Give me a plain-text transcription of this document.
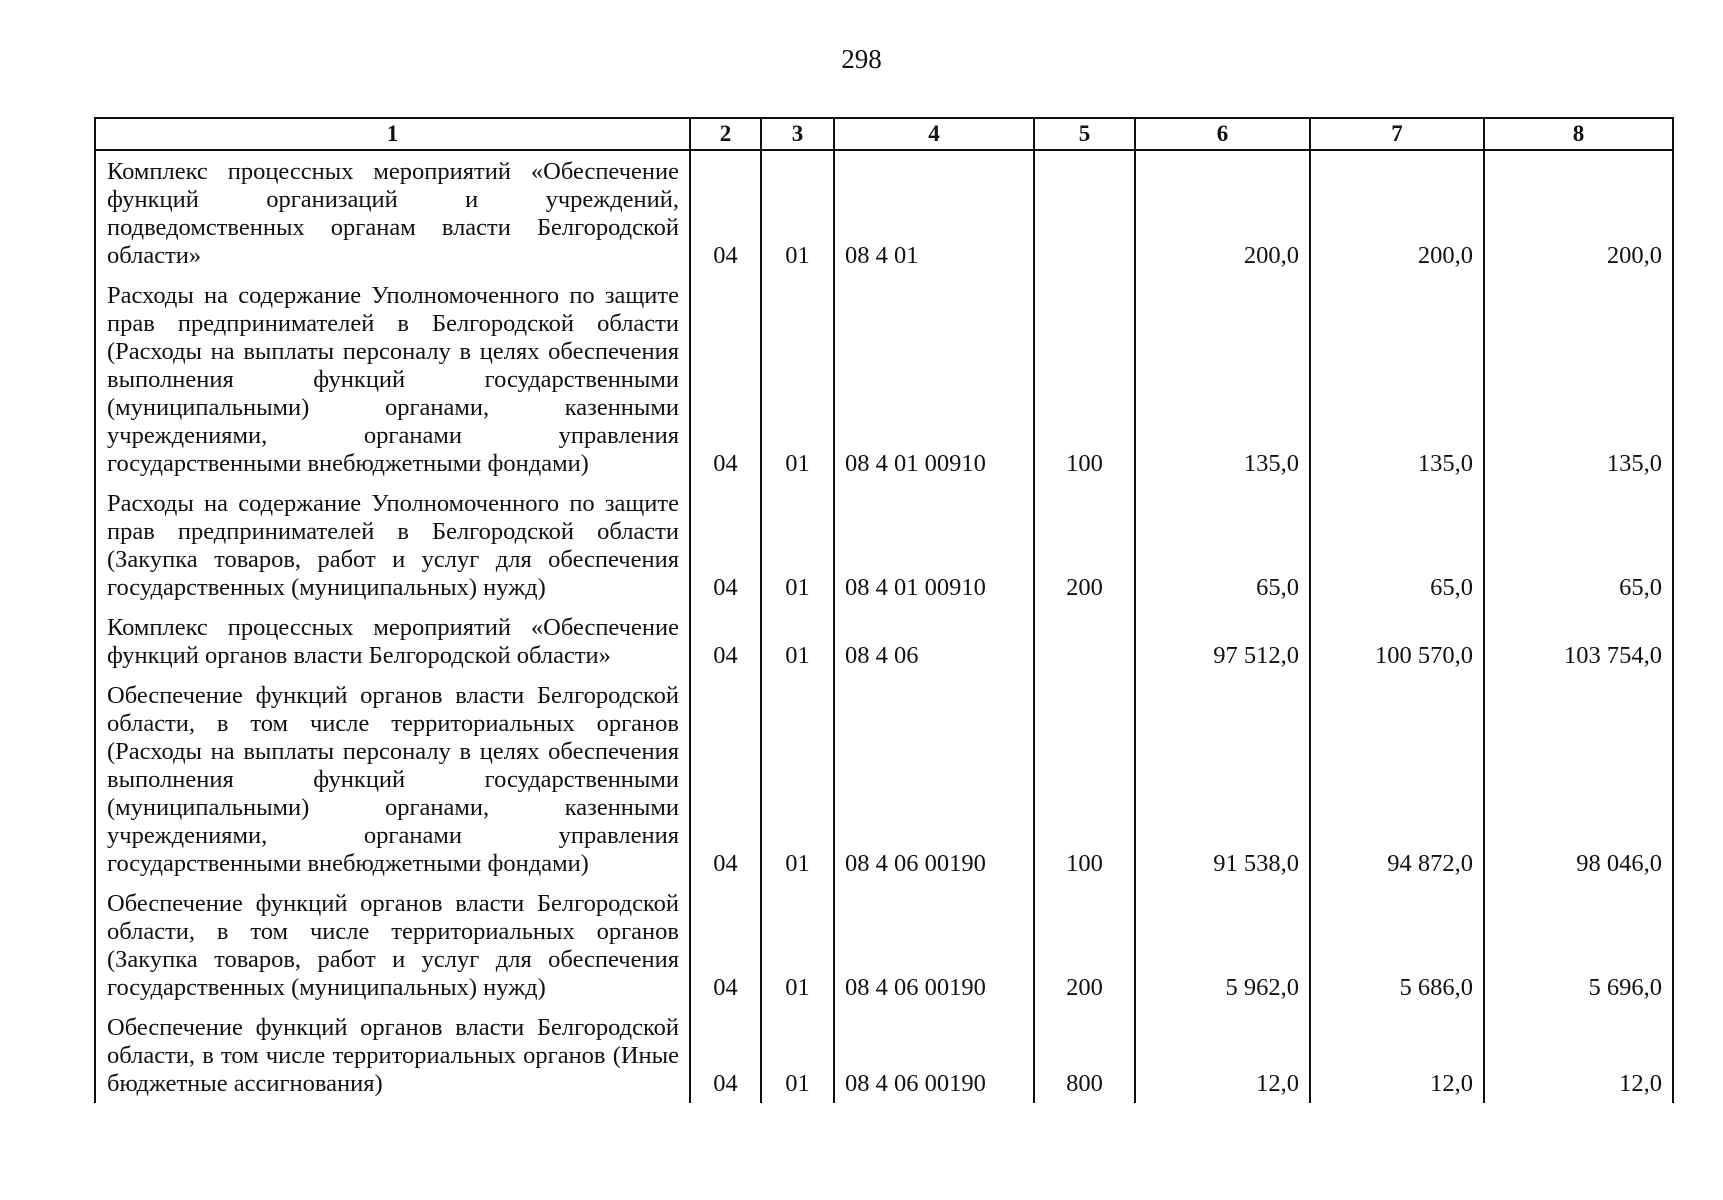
298
1	2	3	4	5	6	7	8
Комплекс процессных мероприятий «Обеспечение функций организаций и учреждений, подведомственных органам власти Белгородской области»	04	01	08 4 01		200,0	200,0	200,0
Расходы на содержание Уполномоченного по защите прав предпринимателей в Белгородской области (Расходы на выплаты персоналу в целях обеспечения выполнения функций государственными (муниципальными) органами, казенными учреждениями, органами управления государственными внебюджетными фондами)	04	01	08 4 01 00910	100	135,0	135,0	135,0
Расходы на содержание Уполномоченного по защите прав предпринимателей в Белгородской области (Закупка товаров, работ и услуг для обеспечения государственных (муниципальных) нужд)	04	01	08 4 01 00910	200	65,0	65,0	65,0
Комплекс процессных мероприятий «Обеспечение функций органов власти Белгородской области»	04	01	08 4 06		97 512,0	100 570,0	103 754,0
Обеспечение функций органов власти Белгородской области, в том числе территориальных органов (Расходы на выплаты персоналу в целях обеспечения выполнения функций государственными (муниципальными) органами, казенными учреждениями, органами управления государственными внебюджетными фондами)	04	01	08 4 06 00190	100	91 538,0	94 872,0	98 046,0
Обеспечение функций органов власти Белгородской области, в том числе территориальных органов (Закупка товаров, работ и услуг для обеспечения государственных (муниципальных) нужд)	04	01	08 4 06 00190	200	5 962,0	5 686,0	5 696,0
Обеспечение функций органов власти Белгородской области, в том числе территориальных органов (Иные бюджетные ассигнования)	04	01	08 4 06 00190	800	12,0	12,0	12,0
